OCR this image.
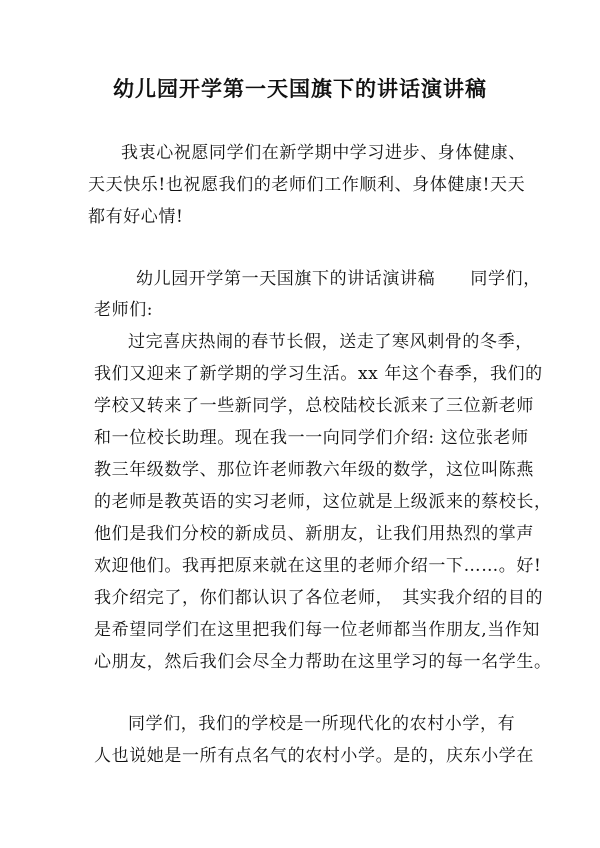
幼儿园开学第一天国旗下的讲话演讲稿
我衷心祝愿同学们在新学期中学习进步、身体健康、
天天快乐!也祝愿我们的老师们工作顺利、身体健康!天天
都有好心情!
幼儿园开学第一天国旗下的讲话演讲稿　　同学们，
老师们:
过完喜庆热闹的春节长假，送走了寒风刺骨的冬季，
我们又迎来了新学期的学习生活。xx 年这个春季，我们的
学校又转来了一些新同学，总校陆校长派来了三位新老师
和一位校长助理。现在我一一向同学们介绍: 这位张老师
教三年级数学、那位许老师教六年级的数学，这位叫陈燕
的老师是教英语的实习老师，这位就是上级派来的蔡校长，
他们是我们分校的新成员、新朋友，让我们用热烈的掌声
欢迎他们。我再把原来就在这里的老师介绍一下……。好!
我介绍完了，你们都认识了各位老师，　其实我介绍的目的
是希望同学们在这里把我们每一位老师都当作朋友,当作知
心朋友，然后我们会尽全力帮助在这里学习的每一名学生。
同学们，我们的学校是一所现代化的农村小学，有
人也说她是一所有点名气的农村小学。是的，庆东小学在
